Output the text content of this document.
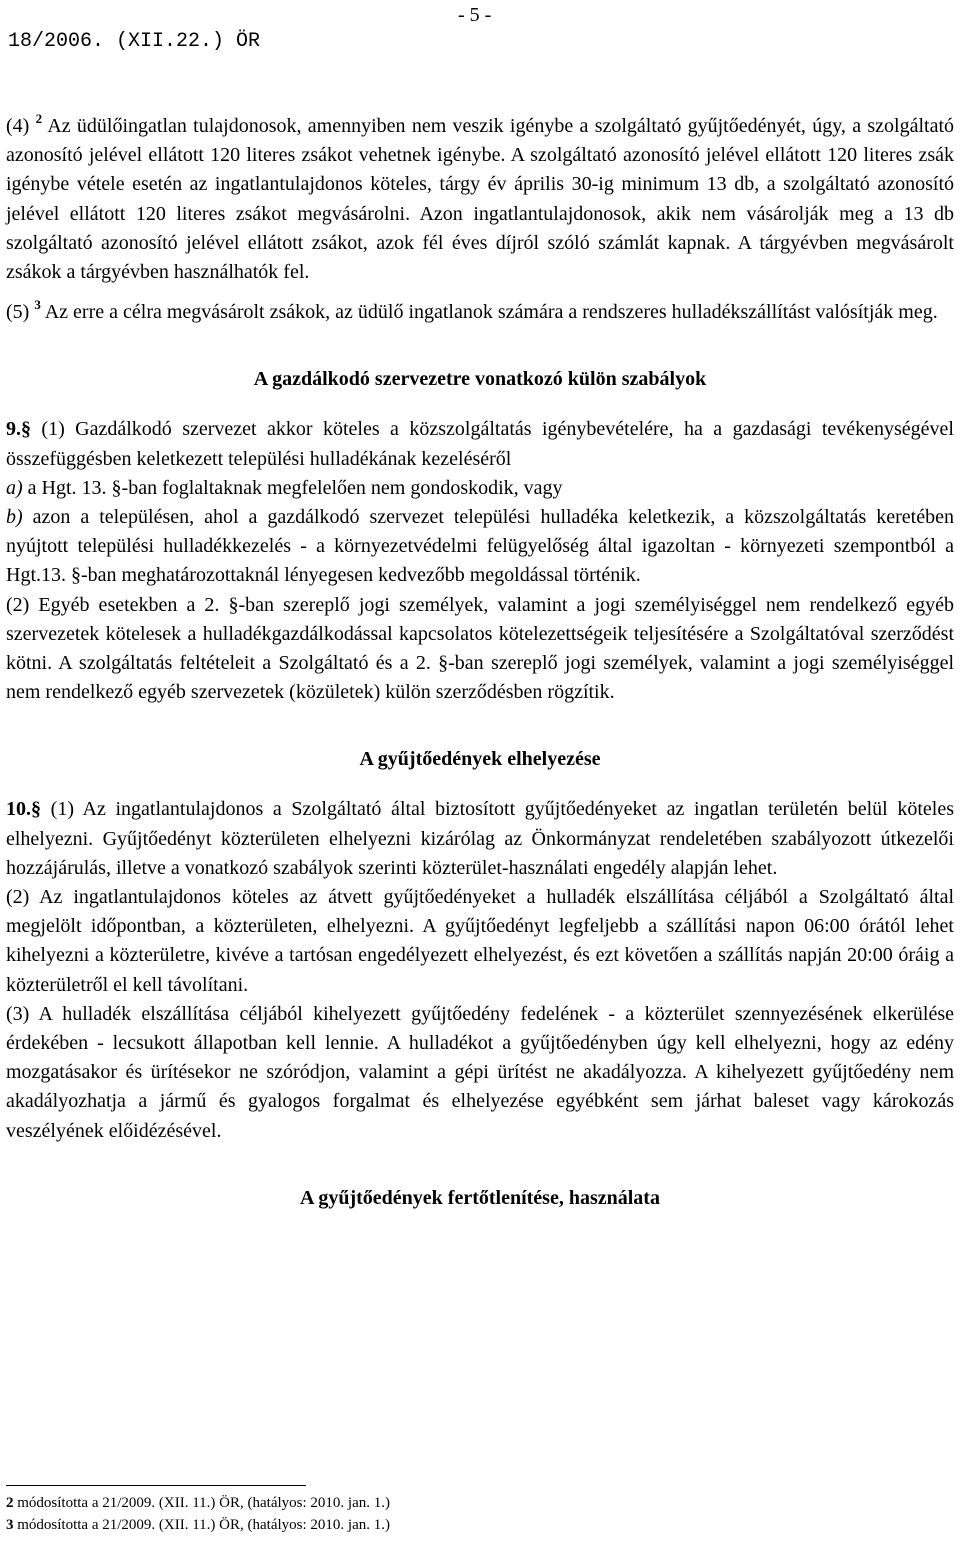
18/2006. (XII.22.) ÖR
- 5 -

(4) $^2$ Az üdülőingatlan tulajdonosok, amennyiben nem veszik igénybe a szolgáltató gyűjtőedényét, úgy, a szolgáltató azonosító jelével ellátott 120 literes zsákot vehetnek igénybe. A szolgáltató azonosító jelével ellátott 120 literes zsák igénybe vétele esetén az ingatlantulajdonos köteles, tárgy év április 30-ig minimum 13 db, a szolgáltató azonosító jelével ellátott 120 literes zsákot megvásárolni. Azon ingatlantulajdonosok, akik nem vásárolják meg a 13 db szolgáltató azonosító jelével ellátott zsákot, azok fél éves díjról szóló számlát kapnak. A tárgyévben megvásárolt zsákok a tárgyévben használhatók fel.

(5) $^3$ Az erre a célra megvásárolt zsákok, az üdülő ingatlanok számára a rendszeres hulladékszállítást valósítják meg.

A gazdálkodó szervezetre vonatkozó külön szabályok

9.§ (1) Gazdálkodó szervezet akkor köteles a közszolgáltatás igénybevételére, ha a gazdasági tevékenységével összefüggésben keletkezett települési hulladékának kezeléséről

a) a Hgt. 13. §-ban foglaltaknak megfelelően nem gondoskodik, vagy

b) azon a településen, ahol a gazdálkodó szervezet települési hulladéka keletkezik, a közszolgáltatás keretében nyújtott települési hulladékkezelés - a környezetvédelmi felügyelőség által igazoltan - környezeti szempontból a Hgt.13. §-ban meghatározottaknál lényegesen kedvezőbb megoldással történik.

(2) Egyéb esetekben a 2. §-ban szereplő jogi személyek, valamint a jogi személyiséggel nem rendelkező egyéb szervezetek kötelesek a hulladékgazdálkodással kapcsolatos kötelezettségeik teljesítésére a Szolgáltatóval szerződést kötni. A szolgáltatás feltételeit a Szolgáltató és a 2. §-ban szereplő jogi személyek, valamint a jogi személyiséggel nem rendelkező egyéb szervezetek (közületek) külön szerződésben rögzítik.

A gyűjtőedények elhelyezése

10.§ (1) Az ingatlantulajdonos a Szolgáltató által biztosított gyűjtőedényeket az ingatlan területén belül köteles elhelyezni. Gyűjtőedényt közterületen elhelyezni kizárólag az Önkormányzat rendeletében szabályozott útkezelői hozzájárulás, illetve a vonatkozó szabályok szerinti közterület-használati engedély alapján lehet.

(2) Az ingatlantulajdonos köteles az átvett gyűjtőedényeket a hulladék elszállítása céljából a Szolgáltató által megjelölt időpontban, a közterületen, elhelyezni. A gyűjtőedényt legfeljebb a szállítási napon 06:00 órától lehet kihelyezni a közterületre, kivéve a tartósan engedélyezett elhelyezést, és ezt követően a szállítás napján 20:00 óráig a közterületről el kell távolítani.

(3) A hulladék elszállítása céljából kihelyezett gyűjtőedény fedelének - a közterület szennyezésének elkerülése érdekében - lecsukott állapotban kell lennie. A hulladékot a gyűjtőedényben úgy kell elhelyezni, hogy az edény mozgatásakor és ürítésekor ne szóródjon, valamint a gépi ürítést ne akadályozza. A kihelyezett gyűjtőedény nem akadályozhatja a jármű és gyalogos forgalmat és elhelyezése egyébként sem járhat baleset vagy károkozás veszélyének előidézésével.

A gyűjtőedények fertőtlenítése, használata
2 módosította a 21/2009. (XII. 11.) ÖR, (hatályos: 2010. jan. 1.)
3 módosította a 21/2009. (XII. 11.) ÖR, (hatályos: 2010. jan. 1.)
